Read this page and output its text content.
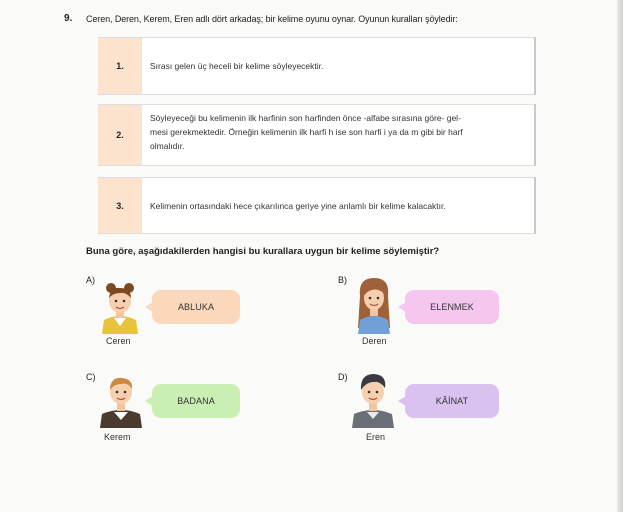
9. Ceren, Deren, Kerem, Eren adlı dört arkadaş; bir kelime oyunu oynar. Oyunun kuralları şöyledir:
1.	Sırası gelen üç heceli bir kelime söyleyecektir.
2.
Söyleyeceği bu kelimenin ilk harfinin son harfinden önce -alfabe sırasına göre- gel-
mesi gerekmektedir. Örneğin kelimenin ilk harfi h ise son harfi i ya da m gibi bir harf
olmalıdır.
3.	Kelimenin ortasındaki hece çıkarılınca geriye yine anlamlı bir kelime kalacaktır.
Buna göre, aşağıdakilerden hangisi bu kurallara uygun bir kelime söylemiştir?
A)
ABLUKA
Ceren
B)
ELENMEK
Deren
C)
BADANA
Kerem
D)
KÂİNAT
Eren
